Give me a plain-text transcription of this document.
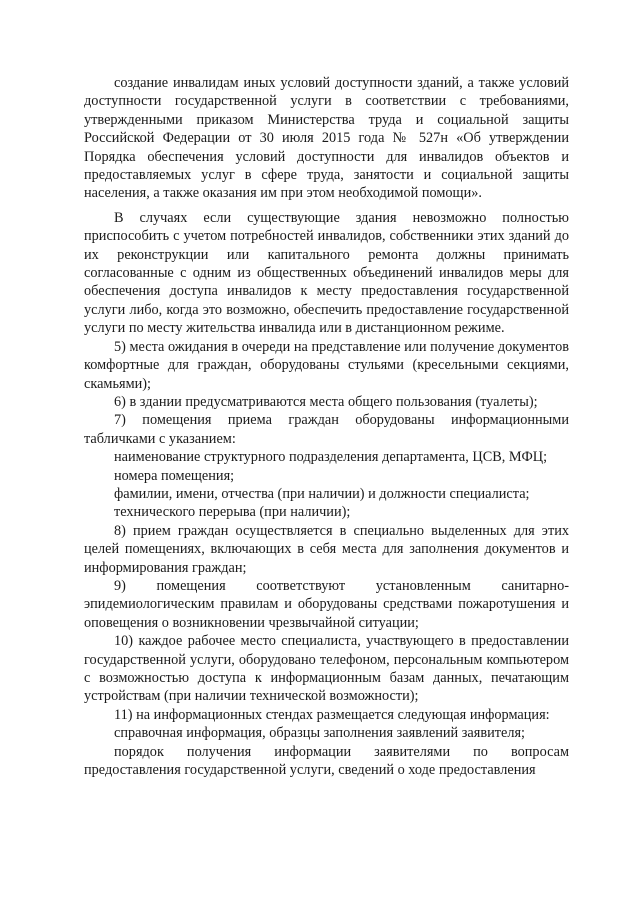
создание инвалидам иных условий доступности зданий, а также условий доступности государственной услуги в соответствии с требованиями, утвержденными приказом Министерства труда и социальной защиты Российской Федерации от 30 июля 2015 года № 527н «Об утверждении Порядка обеспечения условий доступности для инвалидов объектов и предоставляемых услуг в сфере труда, занятости и социальной защиты населения, а также оказания им при этом необходимой помощи».

В случаях если существующие здания невозможно полностью приспособить с учетом потребностей инвалидов, собственники этих зданий до их реконструкции или капитального ремонта должны принимать согласованные с одним из общественных объединений инвалидов меры для обеспечения доступа инвалидов к месту предоставления государственной услуги либо, когда это возможно, обеспечить предоставление государственной услуги по месту жительства инвалида или в дистанционном режиме.

5) места ожидания в очереди на представление или получение документов комфортные для граждан, оборудованы стульями (кресельными секциями, скамьями);

6) в здании предусматриваются места общего пользования (туалеты);

7) помещения приема граждан оборудованы информационными табличками с указанием:

наименование структурного подразделения департамента, ЦСВ, МФЦ;

номера помещения;

фамилии, имени, отчества (при наличии) и должности специалиста;

технического перерыва (при наличии);

8) прием граждан осуществляется в специально выделенных для этих целей помещениях, включающих в себя места для заполнения документов и информирования граждан;

9) помещения соответствуют установленным санитарно-эпидемиологическим правилам и оборудованы средствами пожаротушения и оповещения о возникновении чрезвычайной ситуации;

10) каждое рабочее место специалиста, участвующего в предоставлении государственной услуги, оборудовано телефоном, персональным компьютером с возможностью доступа к информационным базам данных, печатающим устройствам (при наличии технической возможности);

11) на информационных стендах размещается следующая информация:

справочная информация, образцы заполнения заявлений заявителя;

порядок получения информации заявителями по вопросам предоставления государственной услуги, сведений о ходе предоставления
